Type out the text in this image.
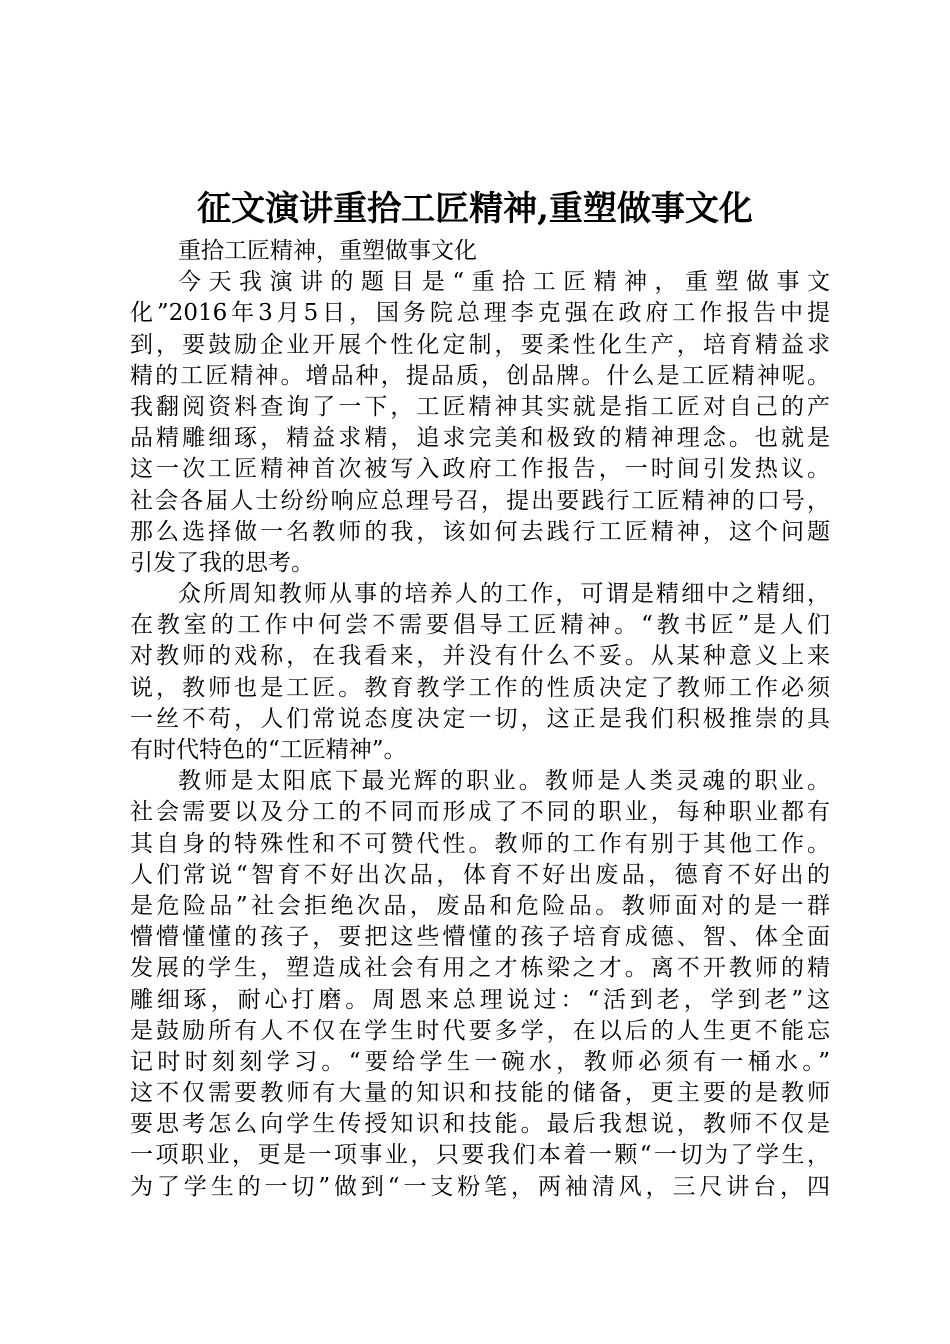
征文演讲重拾工匠精神,重塑做事文化
重拾工匠精神，重塑做事文化
今天我演讲的题目是“重拾工匠精神，重塑做事文
化”2016年3月5日，国务院总理李克强在政府工作报告中提
到，要鼓励企业开展个性化定制，要柔性化生产，培育精益求
精的工匠精神。增品种，提品质，创品牌。什么是工匠精神呢。
我翻阅资料查询了一下，工匠精神其实就是指工匠对自己的产
品精雕细琢，精益求精，追求完美和极致的精神理念。也就是
这一次工匠精神首次被写入政府工作报告，一时间引发热议。
社会各届人士纷纷响应总理号召，提出要践行工匠精神的口号，
那么选择做一名教师的我，该如何去践行工匠精神，这个问题
引发了我的思考。
众所周知教师从事的培养人的工作，可谓是精细中之精细，
在教室的工作中何尝不需要倡导工匠精神。“教书匠”是人们
对教师的戏称，在我看来，并没有什么不妥。从某种意义上来
说，教师也是工匠。教育教学工作的性质决定了教师工作必须
一丝不苟，人们常说态度决定一切，这正是我们积极推崇的具
有时代特色的“工匠精神”。
教师是太阳底下最光辉的职业。教师是人类灵魂的职业。
社会需要以及分工的不同而形成了不同的职业，每种职业都有
其自身的特殊性和不可赞代性。教师的工作有别于其他工作。
人们常说“智育不好出次品，体育不好出废品，德育不好出的
是危险品”社会拒绝次品，废品和危险品。教师面对的是一群
懵懵懂懂的孩子，要把这些懵懂的孩子培育成德、智、体全面
发展的学生，塑造成社会有用之才栋梁之才。离不开教师的精
雕细琢，耐心打磨。周恩来总理说过：“活到老，学到老”这
是鼓励所有人不仅在学生时代要多学，在以后的人生更不能忘
记时时刻刻学习。“要给学生一碗水，教师必须有一桶水。”
这不仅需要教师有大量的知识和技能的储备，更主要的是教师
要思考怎么向学生传授知识和技能。最后我想说，教师不仅是
一项职业，更是一项事业，只要我们本着一颗“一切为了学生，
为了学生的一切”做到“一支粉笔，两袖清风，三尺讲台，四
